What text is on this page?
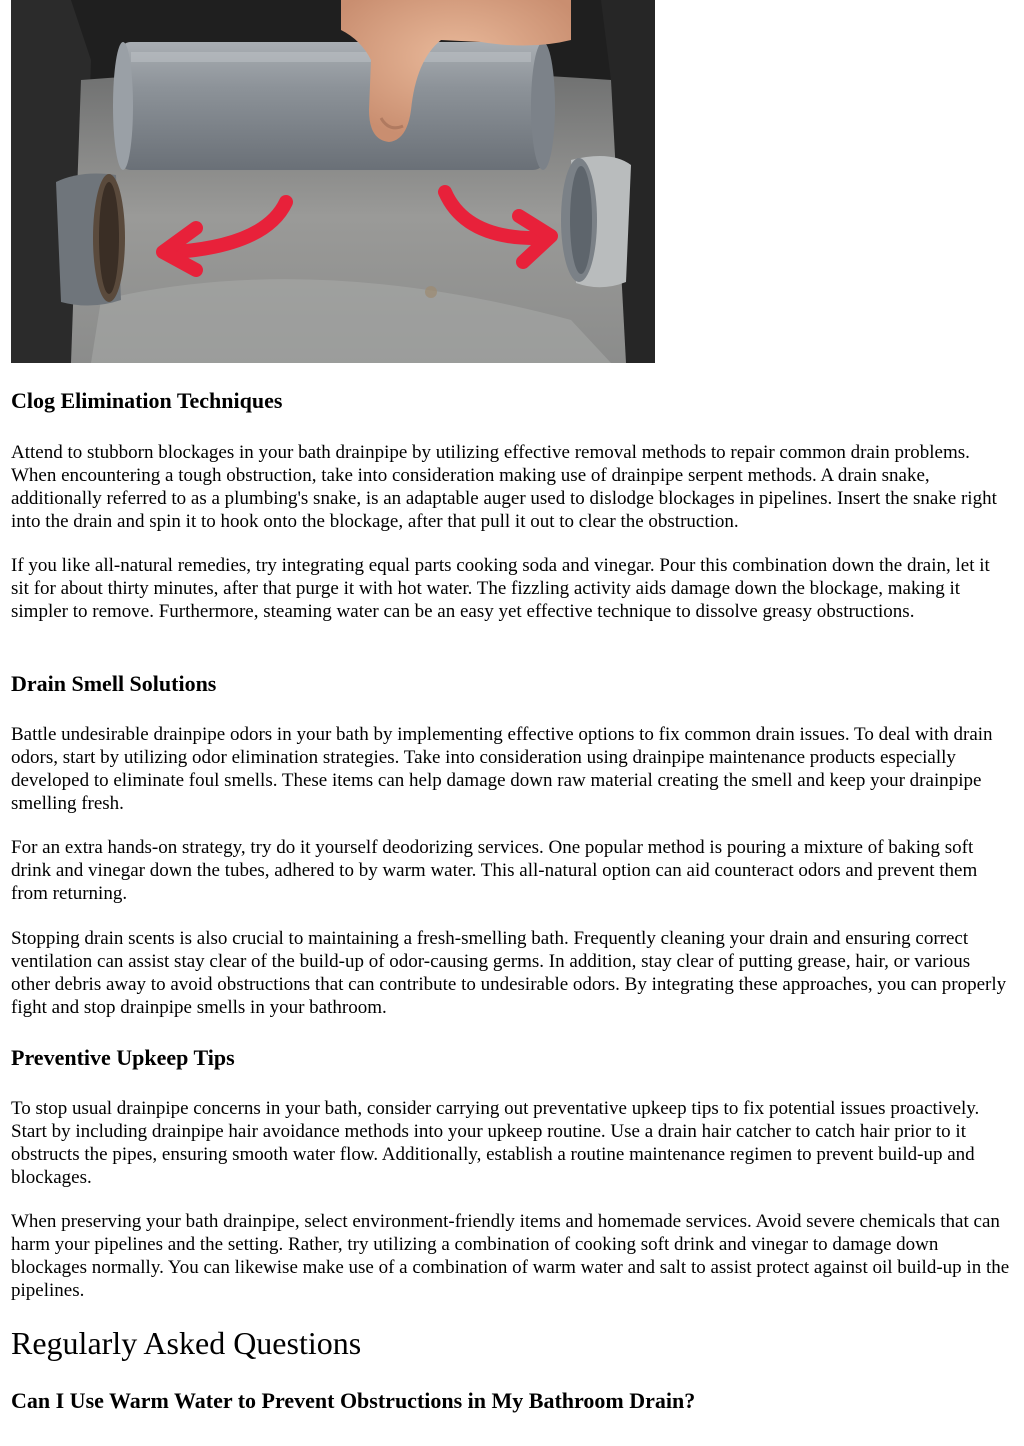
Clog Elimination Techniques

Attend to stubborn blockages in your bath drainpipe by utilizing effective removal methods to repair common drain problems. When encountering a tough obstruction, take into consideration making use of drainpipe serpent methods. A drain snake, additionally referred to as a plumbing's snake, is an adaptable auger used to dislodge blockages in pipelines. Insert the snake right into the drain and spin it to hook onto the blockage, after that pull it out to clear the obstruction.

If you like all-natural remedies, try integrating equal parts cooking soda and vinegar. Pour this combination down the drain, let it sit for about thirty minutes, after that purge it with hot water. The fizzling activity aids damage down the blockage, making it simpler to remove. Furthermore, steaming water can be an easy yet effective technique to dissolve greasy obstructions.

Drain Smell Solutions

Battle undesirable drainpipe odors in your bath by implementing effective options to fix common drain issues. To deal with drain odors, start by utilizing odor elimination strategies. Take into consideration using drainpipe maintenance products especially developed to eliminate foul smells. These items can help damage down raw material creating the smell and keep your drainpipe smelling fresh.

For an extra hands-on strategy, try do it yourself deodorizing services. One popular method is pouring a mixture of baking soft drink and vinegar down the tubes, adhered to by warm water. This all-natural option can aid counteract odors and prevent them from returning.

Stopping drain scents is also crucial to maintaining a fresh-smelling bath. Frequently cleaning your drain and ensuring correct ventilation can assist stay clear of the build-up of odor-causing germs. In addition, stay clear of putting grease, hair, or various other debris away to avoid obstructions that can contribute to undesirable odors. By integrating these approaches, you can properly fight and stop drainpipe smells in your bathroom.

Preventive Upkeep Tips

To stop usual drainpipe concerns in your bath, consider carrying out preventative upkeep tips to fix potential issues proactively. Start by including drainpipe hair avoidance methods into your upkeep routine. Use a drain hair catcher to catch hair prior to it obstructs the pipes, ensuring smooth water flow. Additionally, establish a routine maintenance regimen to prevent build-up and blockages.

When preserving your bath drainpipe, select environment-friendly items and homemade services. Avoid severe chemicals that can harm your pipelines and the setting. Rather, try utilizing a combination of cooking soft drink and vinegar to damage down blockages normally. You can likewise make use of a combination of warm water and salt to assist protect against oil build-up in the pipelines.

Regularly Asked Questions
Can I Use Warm Water to Prevent Obstructions in My Bathroom Drain?
